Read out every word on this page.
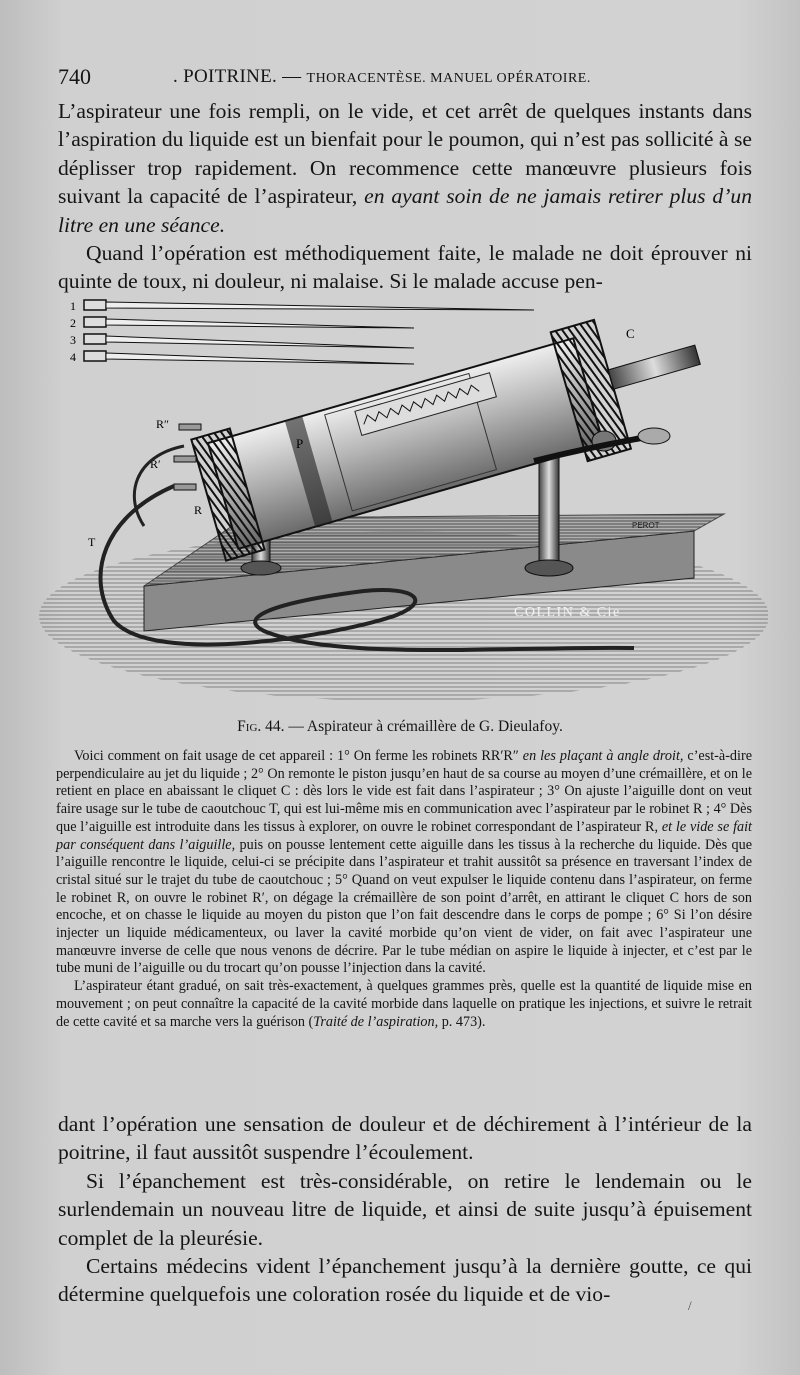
740	. POITRINE. — THORACENTÈSE. MANUEL OPÉRATOIRE.

L’aspirateur une fois rempli, on le vide, et cet arrêt de quelques instants dans l’aspiration du liquide est un bienfait pour le poumon, qui n’est pas sollicité à se déplisser trop rapidement. On recommence cette manœuvre plusieurs fois suivant la capacité de l’aspirateur, en ayant soin de ne jamais retirer plus d’un litre en une séance.

Quand l’opération est méthodiquement faite, le malade ne doit éprouver ni quinte de toux, ni douleur, ni malaise. Si le malade accuse pen-

COLLIN & Cie
PEROT
1
2
3
4
P
C
R″
R′
R
T
Fig. 44. — Aspirateur à crémaillère de G. Dieulafoy.

Voici comment on fait usage de cet appareil : 1° On ferme les robinets RR′R″ en les plaçant à angle droit, c’est-à-dire perpendiculaire au jet du liquide ; 2° On remonte le piston jusqu’en haut de sa course au moyen d’une crémaillère, et on le retient en place en abaissant le cliquet C : dès lors le vide est fait dans l’aspirateur ; 3° On ajuste l’aiguille dont on veut faire usage sur le tube de caoutchouc T, qui est lui-même mis en communication avec l’aspirateur par le robinet R ; 4° Dès que l’aiguille est introduite dans les tissus à explorer, on ouvre le robinet correspondant de l’aspirateur R, et le vide se fait par conséquent dans l’aiguille, puis on pousse lentement cette aiguille dans les tissus à la recherche du liquide. Dès que l’aiguille rencontre le liquide, celui-ci se précipite dans l’aspirateur et trahit aussitôt sa présence en traversant l’index de cristal situé sur le trajet du tube de caoutchouc ; 5° Quand on veut expulser le liquide contenu dans l’aspirateur, on ferme le robinet R, on ouvre le robinet R′, on dégage la crémaillère de son point d’arrêt, en attirant le cliquet C hors de son encoche, et on chasse le liquide au moyen du piston que l’on fait descendre dans le corps de pompe ; 6° Si l’on désire injecter un liquide médicamenteux, ou laver la cavité morbide qu’on vient de vider, on fait avec l’aspirateur une manœuvre inverse de celle que nous venons de décrire. Par le tube médian on aspire le liquide à injecter, et c’est par le tube muni de l’aiguille ou du trocart qu’on pousse l’injection dans la cavité.

L’aspirateur étant gradué, on sait très-exactement, à quelques grammes près, quelle est la quantité de liquide mise en mouvement ; on peut connaître la capacité de la cavité morbide dans laquelle on pratique les injections, et suivre le retrait de cette cavité et sa marche vers la guérison (Traité de l’aspiration, p. 473).

dant l’opération une sensation de douleur et de déchirement à l’intérieur de la poitrine, il faut aussitôt suspendre l’écoulement.

Si l’épanchement est très-considérable, on retire le lendemain ou le surlendemain un nouveau litre de liquide, et ainsi de suite jusqu’à épuisement complet de la pleurésie.

Certains médecins vident l’épanchement jusqu’à la dernière goutte, ce qui détermine quelquefois une coloration rosée du liquide et de vio-	/
